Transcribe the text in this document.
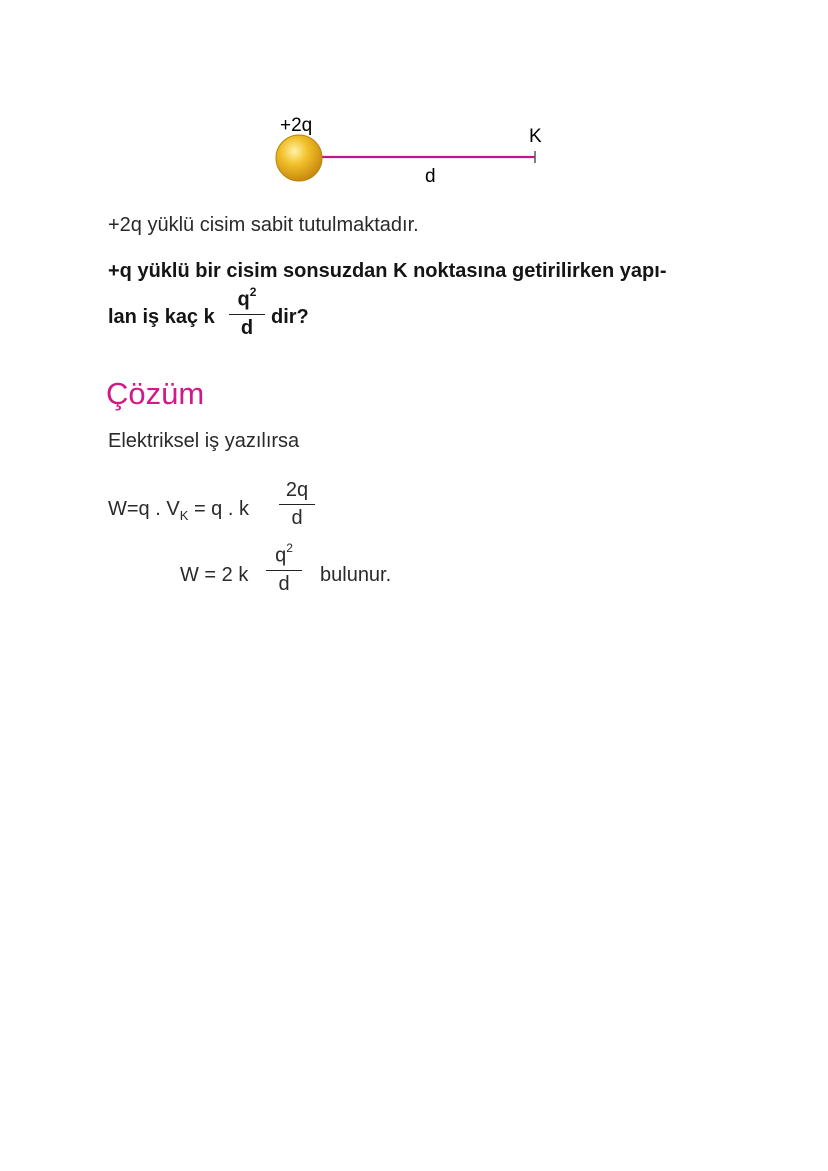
+2q
K
d
+2q yüklü cisim sabit tutulmaktadır.
+q yüklü bir cisim sonsuzdan K noktasına getirilirken yapı-
lan iş kaç k
$q^2$
d dir?
Çözüm
Elektriksel iş yazılırsa
W=q . $V_K = q$ . k
2q
d
W = 2 k
$q^2$
d	bulunur.
